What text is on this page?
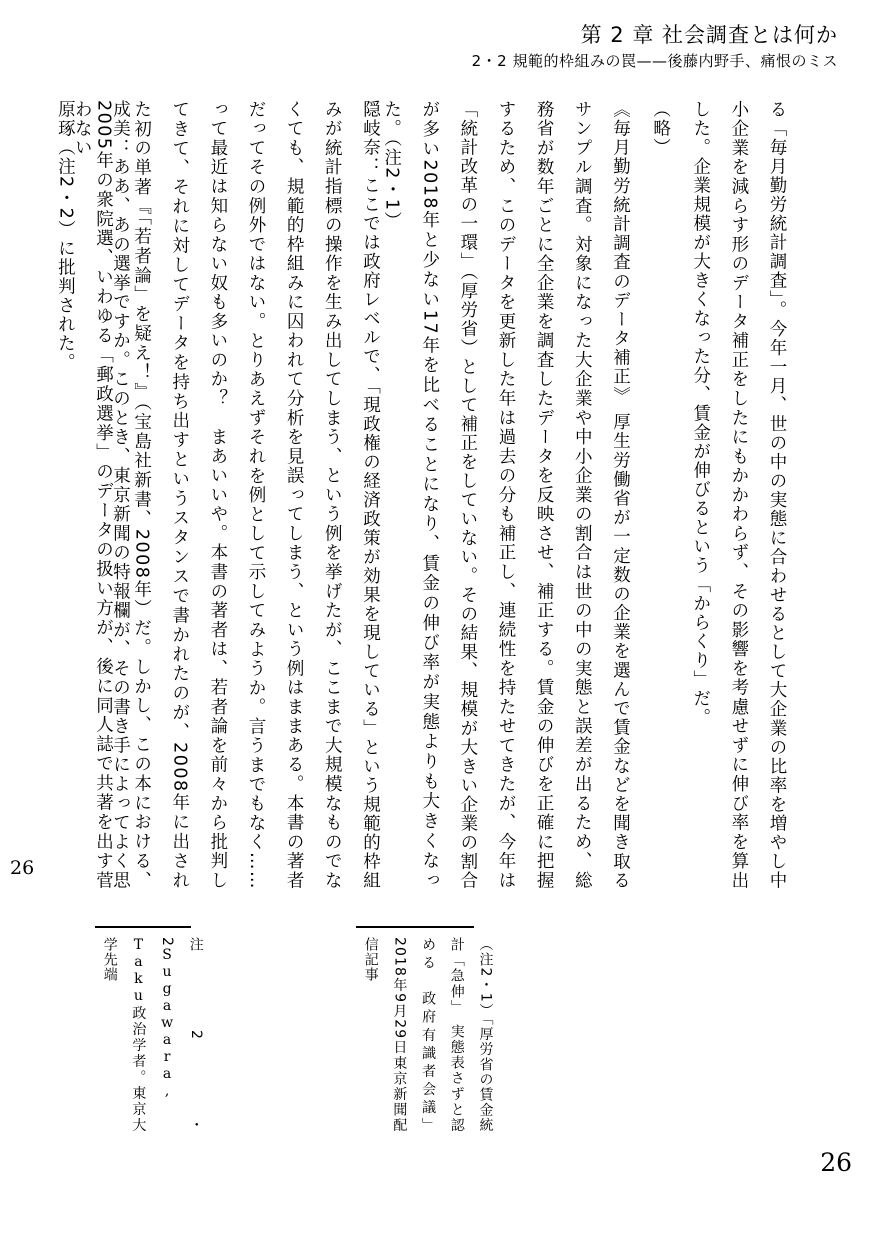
第 2 章 社会調査とは何か
2・2 規範的枠組みの罠——後藤内野手、痛恨のミス
る「毎月勤労統計調査」。今年一月、世の中の実態に合わせるとして大企業の比率を増やし中小企業を減らす形のデータ補正をしたにもかかわらず、その影響を考慮せずに伸び率を算出した。企業規模が大きくなった分、賃金が伸びるという「からくり」だ。
（略）
《毎月勤労統計調査のデータ補正》 厚生労働省が一定数の企業を選んで賃金などを聞き取るサンプル調査。対象になった大企業や中小企業の割合は世の中の実態と誤差が出るため、総務省が数年ごとに全企業を調査したデータを反映させ、補正する。賃金の伸びを正確に把握するため、このデータを更新した年は過去の分も補正し、連続性を持たせてきたが、今年は「統計改革の一環」（厚労省）として補正をしていない。その結果、規模が大きい企業の割合が多い2018年と少ない17年を比べることになり、賃金の伸び率が実態よりも大きくなった。（注2・1）
隠岐奈：ここでは政府レベルで、「現政権の経済政策が効果を現している」という規範的枠組みが統計指標の操作を生み出してしまう、という例を挙げたが、ここまで大規模なものでなくても、規範的枠組みに囚われて分析を見誤ってしまう、という例はままある。本書の著者だってその例外ではない。とりあえずそれを例として示してみようか。言うまでもなく……って最近は知らない奴も多いのか？　まあいいや。本書の著者は、若者論を前々から批判してきて、それに対してデータを持ち出すというスタンスで書かれたのが、2008年に出された初の単著『「若者論」を疑え！』（宝島社新書、2008年）だ。しかし、この本における、2005年の衆院選、いわゆる「郵政選挙」のデータの扱い方が、後に同人誌で共著を出す菅原琢（注2・2）に批判された。	成美：ああ、あの選挙ですか。このとき、東京新聞の特報欄が、その書き手によってよく思わない
（注2・1）「厚労省の賃金統計「急伸」　実態表さずと認める　政府有識者会議」2018年9月29日東京新聞配信記事
注2・2Sugawara, Taku政治学者。東京大学先端
26
26
